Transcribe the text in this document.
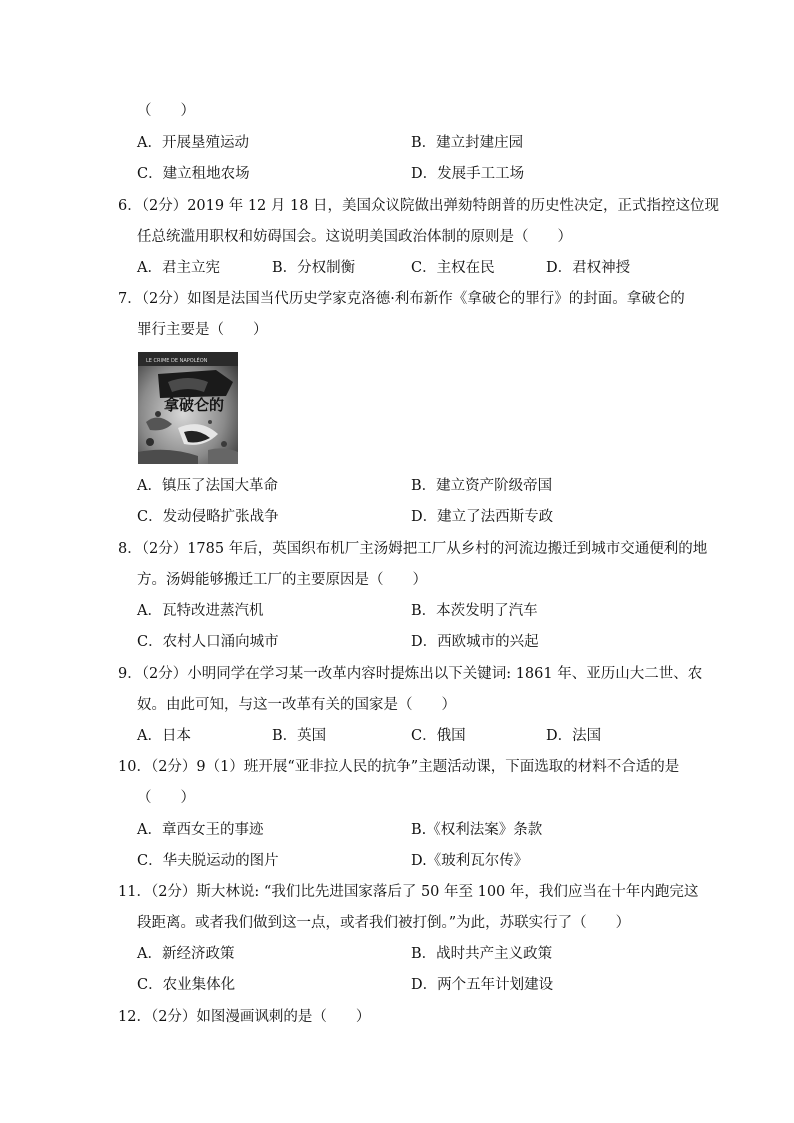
（　　）
A．开展垦殖运动	B．建立封建庄园
C．建立租地农场	D．发展手工工场
6．（2分）2019 年 12 月 18 日，美国众议院做出弹劾特朗普的历史性决定，正式指控这位现
任总统滥用职权和妨碍国会。这说明美国政治体制的原则是（　　）
A．君主立宪	B．分权制衡	C．主权在民	D．君权神授
7．（2分）如图是法国当代历史学家克洛德·利布新作《拿破仑的罪行》的封面。拿破仑的
罪行主要是（　　）
LE CRIME DE NAPOLÉON
拿破仑的
A．镇压了法国大革命	B．建立资产阶级帝国
C．发动侵略扩张战争	D．建立了法西斯专政
8．（2分）1785 年后，英国织布机厂主汤姆把工厂从乡村的河流边搬迁到城市交通便利的地
方。汤姆能够搬迁工厂的主要原因是（　　）
A．瓦特改进蒸汽机	B．本茨发明了汽车
C．农村人口涌向城市	D．西欧城市的兴起
9．（2分）小明同学在学习某一改革内容时提炼出以下关键词: 1861 年、亚历山大二世、农
奴。由此可知，与这一改革有关的国家是（　　）
A．日本	B．英国	C．俄国	D．法国
10．（2分）9（1）班开展“亚非拉人民的抗争”主题活动课，下面选取的材料不合适的是
（　　）
A．章西女王的事迹	B.《权利法案》条款
C．华夫脱运动的图片	D.《玻利瓦尔传》
11．（2分）斯大林说: “我们比先进国家落后了 50 年至 100 年，我们应当在十年内跑完这
段距离。或者我们做到这一点，或者我们被打倒。”为此，苏联实行了（　　）
A．新经济政策	B．战时共产主义政策
C．农业集体化	D．两个五年计划建设
12．（2分）如图漫画讽刺的是（　　）
